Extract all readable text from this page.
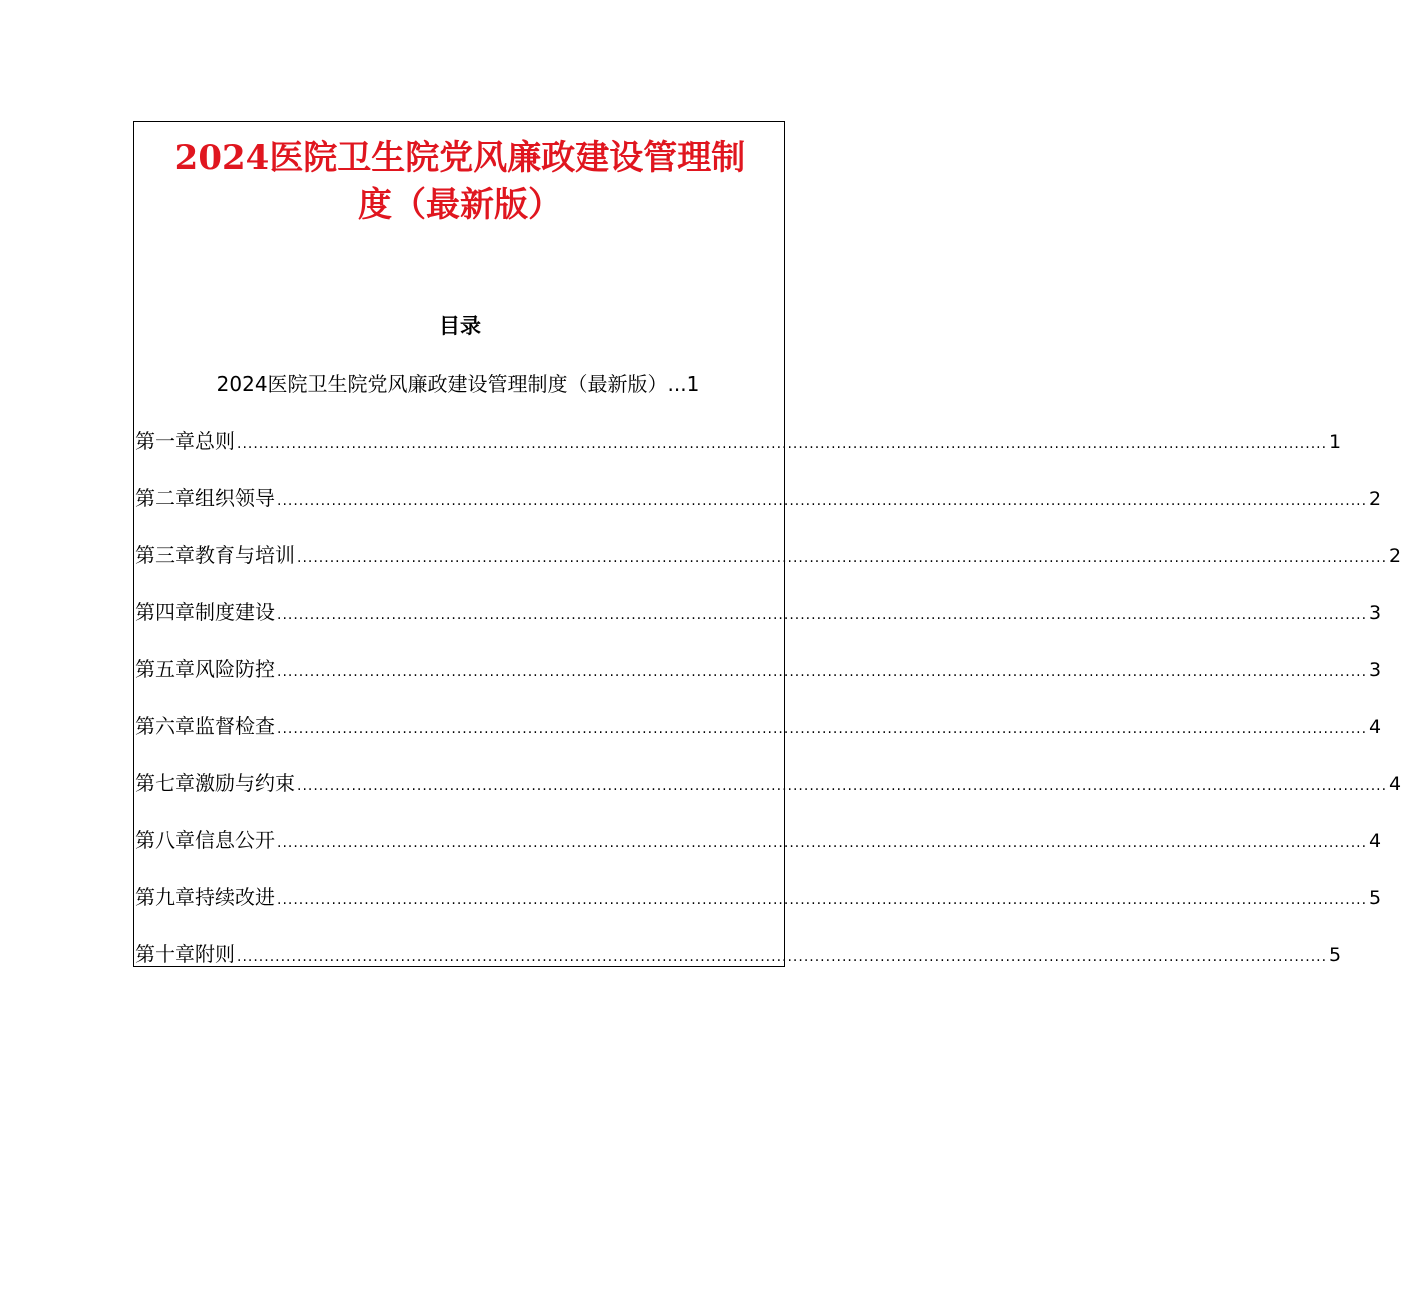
2024医院卫生院党风廉政建设管理制
度（最新版）
目录
2024医院卫生院党风廉政建设管理制度（最新版）...1
第一章总则 ........................................................................................................................................................................................................ 1
第二章组织领导 ........................................................................................................................................................................................................ 2
第三章教育与培训 ........................................................................................................................................................................................................ 2
第四章制度建设 ........................................................................................................................................................................................................ 3
第五章风险防控 ........................................................................................................................................................................................................ 3
第六章监督检查 ........................................................................................................................................................................................................ 4
第七章激励与约束 ........................................................................................................................................................................................................ 4
第八章信息公开 ........................................................................................................................................................................................................ 4
第九章持续改进 ........................................................................................................................................................................................................ 5
第十章附则 ........................................................................................................................................................................................................ 5
